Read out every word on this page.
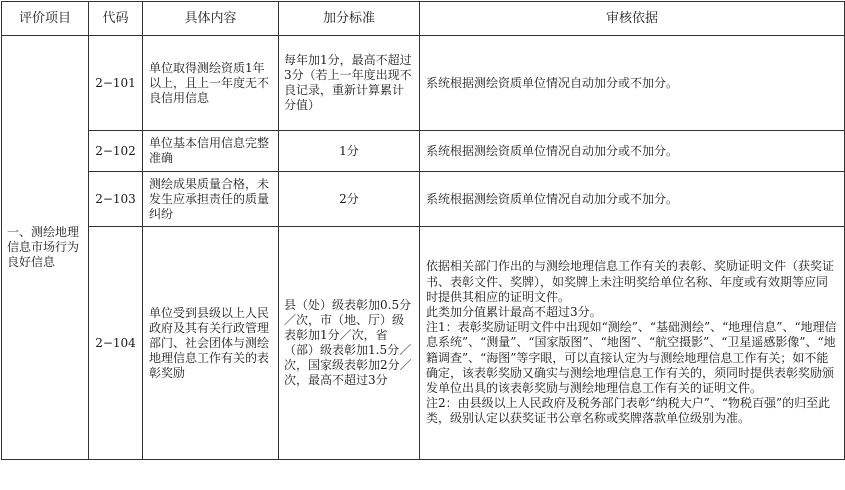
评价项目	代码	具体内容	加分标准	审核依据
一、测绘地理信息市场行为良好信息	2−101	单位取得测绘资质1年以上，且上一年度无不良信用信息	每年加1分，最高不超过3分（若上一年度出现不良记录，重新计算累计分值）	系统根据测绘资质单位情况自动加分或不加分。
	2−102	单位基本信用信息完整准确	1分	系统根据测绘资质单位情况自动加分或不加分。
	2−103	测绘成果质量合格，未发生应承担责任的质量纠纷	2分	系统根据测绘资质单位情况自动加分或不加分。
	2−104	单位受到县级以上人民政府及其有关行政管理部门、社会团体与测绘地理信息工作有关的表彰奖励	县（处）级表彰加0.5分／次，市（地、厅）级表彰加1分／次，省（部）级表彰加1.5分／次，国家级表彰加2分／次，最高不超过3分	依据相关部门作出的与测绘地理信息工作有关的表彰、奖励证明文件（获奖证书、表彰文件、奖牌），如奖牌上未注明奖给单位名称、年度或有效期等应同时提供其相应的证明文件。
此类加分值累计最高不超过3分。
注1：表彰奖励证明文件中出现如“测绘”、“基础测绘”、“地理信息”、“地理信息系统”、“测量”、“国家版图”、“地图”、“航空摄影”、“卫星遥感影像”、“地籍调查”、“海图”等字眼，可以直接认定为与测绘地理信息工作有关；如不能确定，该表彰奖励又确实与测绘地理信息工作有关的，须同时提供表彰奖励颁发单位出具的该表彰奖励与测绘地理信息工作有关的证明文件。
注2：由县级以上人民政府及税务部门表彰“纳税大户”、“物税百强”的归至此类，级别认定以获奖证书公章名称或奖牌落款单位级别为准。
